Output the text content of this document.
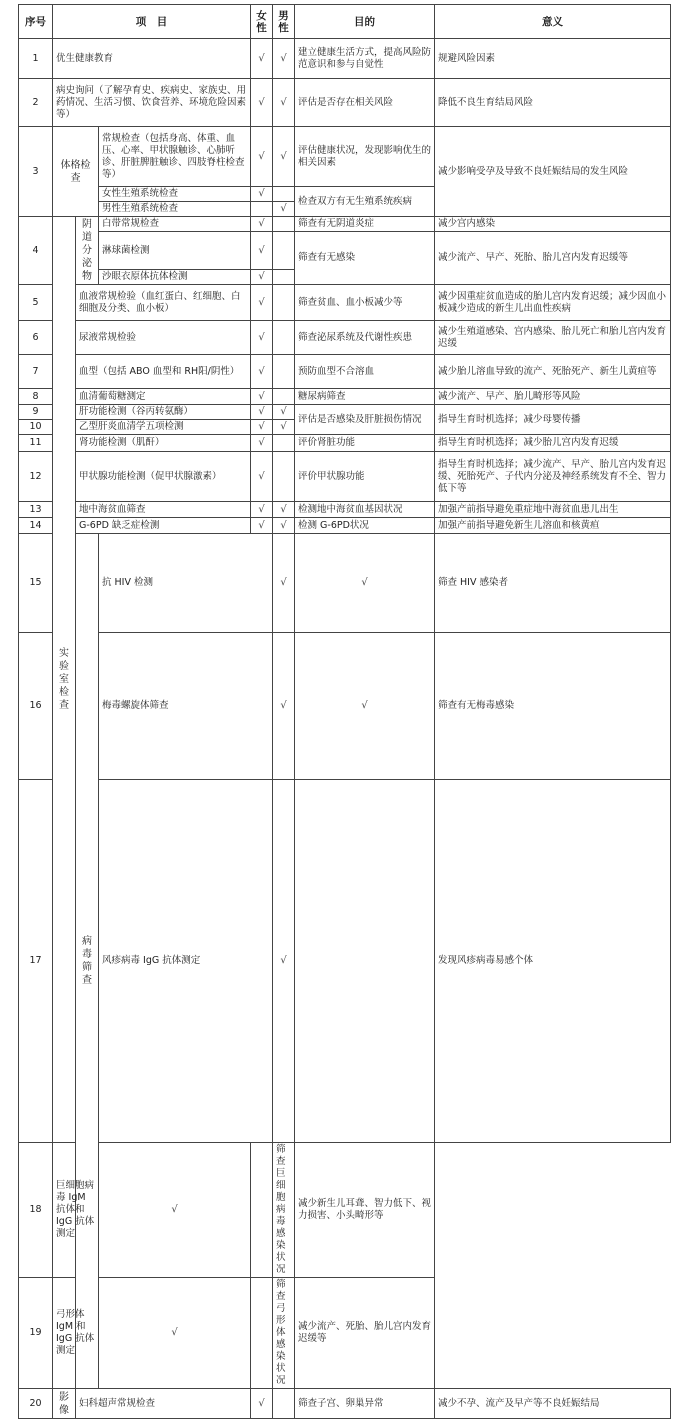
序号	项　目			女性	男性	目的	意义	
1	优生健康教育			√	√	建立健康生活方式，提高风险防范意识和参与自觉性	规避风险因素	
2	病史询问（了解孕育史、疾病史、家族史、用药情况、生活习惯、饮食营养、环境危险因素等）			√	√	评估是否存在相关风险	降低不良生育结局风险	
3	体格检查		常规检查（包括身高、体重、血压、心率、甲状腺触诊、心肺听诊、肝脏脾脏触诊、四肢脊柱检查等）	√	√	评估健康状况，发现影响优生的相关因素	减少影响受孕及导致不良妊娠结局的发生风险	
			女性生殖系统检查	√		检查双方有无生殖系统疾病		
			男性生殖系统检查		√			
4	实验室检查	阴道分泌物	白带常规检查	√		筛查有无阴道炎症	减少宫内感染	
			淋球菌检测	√		筛查有无感染	减少流产、早产、死胎、胎儿宫内发育迟缓等	
			沙眼衣原体抗体检测	√				
5		血液常规检验（血红蛋白、红细胞、白细胞及分类、血小板）		√		筛查贫血、血小板减少等	减少因重症贫血造成的胎儿宫内发育迟缓；减少因血小板减少造成的新生儿出血性疾病	
6		尿液常规检验		√		筛查泌尿系统及代谢性疾患	减少生殖道感染、宫内感染、胎儿死亡和胎儿宫内发育迟缓	
7		血型（包括 ABO 血型和 RH阳/阴性）		√		预防血型不合溶血	减少胎儿溶血导致的流产、死胎死产、新生儿黄疸等	
8		血清葡萄糖测定		√		糖尿病筛查	减少流产、早产、胎儿畸形等风险	
9		肝功能检测（谷丙转氨酶）		√	√	评估是否感染及肝脏损伤情况	指导生育时机选择；减少母婴传播	
10		乙型肝炎血清学五项检测		√	√			
11		肾功能检测（肌酐）		√		评价肾脏功能	指导生育时机选择；减少胎儿宫内发育迟缓	
12		甲状腺功能检测（促甲状腺激素）		√		评价甲状腺功能	指导生育时机选择；减少流产、早产、胎儿宫内发育迟缓、死胎死产、子代内分泌及神经系统发育不全、智力低下等	
13		地中海贫血筛查		√	√	检测地中海贫血基因状况	加强产前指导避免重症地中海贫血患儿出生	
14		G-6PD 缺乏症检测		√	√	检测 G-6PD状况	加强产前指导避免新生儿溶血和核黄疸	
15		病毒筛查	抗 HIV 检测		√	√	筛查 HIV 感染者	
16			梅毒螺旋体筛查		√	√	筛查有无梅毒感染	
17			风疹病毒 IgG 抗体测定		√		发现风疹病毒易感个体	
18	巨细胞病毒 IgM 抗体和 IgG 抗体测定		√		筛查巨细胞病毒感染状况	减少新生儿耳聋、智力低下、视力损害、小头畸形等		
19	弓形体 IgM 和 IgG 抗体测定		√		筛查弓形体感染状况	减少流产、死胎、胎儿宫内发育迟缓等		
20	影像	妇科超声常规检查		√		筛查子宫、卵巢异常	减少不孕、流产及早产等不良妊娠结局	
